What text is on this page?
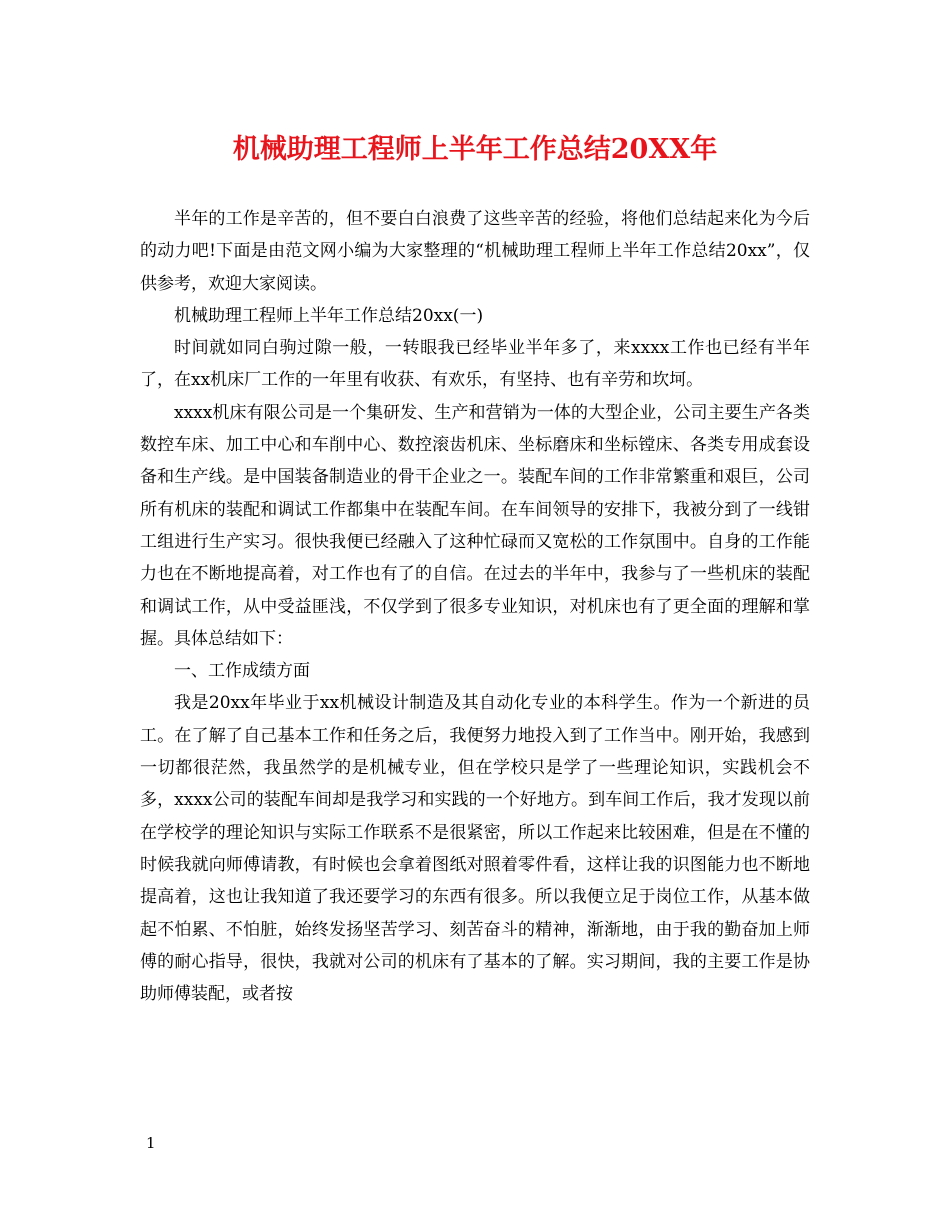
机械助理工程师上半年工作总结20XX年

半年的工作是辛苦的，但不要白白浪费了这些辛苦的经验，将他们总结起来化为今后的动力吧!下面是由范文网小编为大家整理的“机械助理工程师上半年工作总结20xx”，仅供参考，欢迎大家阅读。

机械助理工程师上半年工作总结20xx(一)

时间就如同白驹过隙一般，一转眼我已经毕业半年多了，来xxxx工作也已经有半年了，在xx机床厂工作的一年里有收获、有欢乐，有坚持、也有辛劳和坎坷。

xxxx机床有限公司是一个集研发、生产和营销为一体的大型企业，公司主要生产各类数控车床、加工中心和车削中心、数控滚齿机床、坐标磨床和坐标镗床、各类专用成套设备和生产线。是中国装备制造业的骨干企业之一。装配车间的工作非常繁重和艰巨，公司所有机床的装配和调试工作都集中在装配车间。在车间领导的安排下，我被分到了一线钳工组进行生产实习。很快我便已经融入了这种忙碌而又宽松的工作氛围中。自身的工作能力也在不断地提高着，对工作也有了的自信。在过去的半年中，我参与了一些机床的装配和调试工作，从中受益匪浅，不仅学到了很多专业知识，对机床也有了更全面的理解和掌握。具体总结如下：

一、工作成绩方面

我是20xx年毕业于xx机械设计制造及其自动化专业的本科学生。作为一个新进的员工。在了解了自己基本工作和任务之后，我便努力地投入到了工作当中。刚开始，我感到一切都很茫然，我虽然学的是机械专业，但在学校只是学了一些理论知识，实践机会不多，xxxx公司的装配车间却是我学习和实践的一个好地方。到车间工作后，我才发现以前在学校学的理论知识与实际工作联系不是很紧密，所以工作起来比较困难，但是在不懂的时候我就向师傅请教，有时候也会拿着图纸对照着零件看，这样让我的识图能力也不断地提高着，这也让我知道了我还要学习的东西有很多。所以我便立足于岗位工作，从基本做起不怕累、不怕脏，始终发扬坚苦学习、刻苦奋斗的精神，渐渐地，由于我的勤奋加上师傅的耐心指导，很快，我就对公司的机床有了基本的了解。实习期间，我的主要工作是协助师傅装配，或者按

1
